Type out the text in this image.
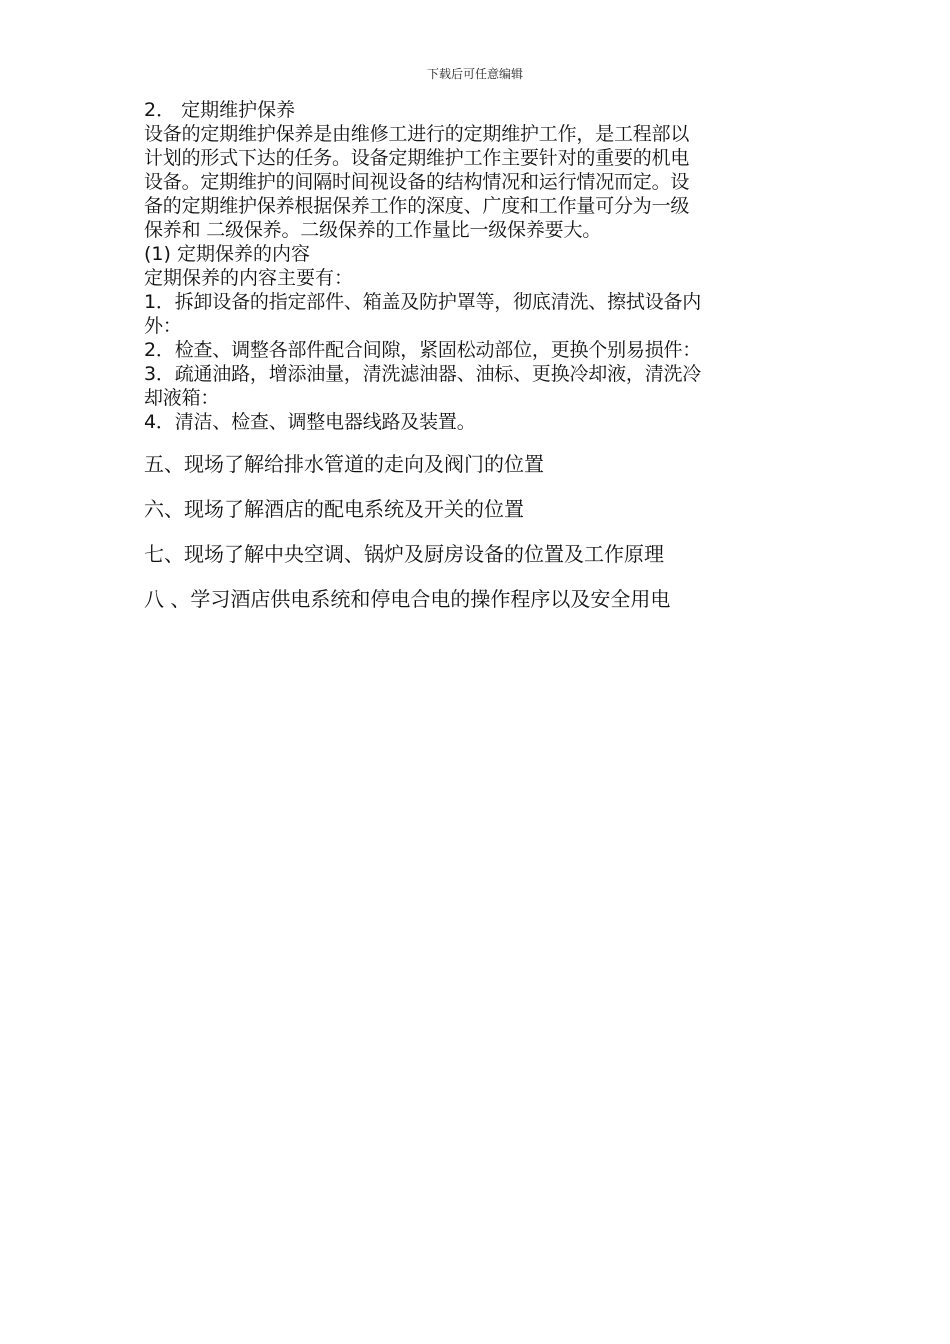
下载后可任意编辑

2． 定期维护保养

设备的定期维护保养是由维修工进行的定期维护工作，是工程部以

计划的形式下达的任务。设备定期维护工作主要针对的重要的机电

设备。定期维护的间隔时间视设备的结构情况和运行情况而定。设

备的定期维护保养根据保养工作的深度、广度和工作量可分为一级

保养和 二级保养。二级保养的工作量比一级保养要大。

(1) 定期保养的内容

定期保养的内容主要有：

1．拆卸设备的指定部件、箱盖及防护罩等，彻底清洗、擦拭设备内

外：

2．检查、调整各部件配合间隙，紧固松动部位，更换个别易损件：

3．疏通油路，增添油量，清洗滤油器、油标、更换冷却液，清洗冷

却液箱：

4．清洁、检查、调整电器线路及装置。

五、现场了解给排水管道的走向及阀门的位置

六、现场了解酒店的配电系统及开关的位置

七、现场了解中央空调、锅炉及厨房设备的位置及工作原理

八 、学习酒店供电系统和停电合电的操作程序以及安全用电
